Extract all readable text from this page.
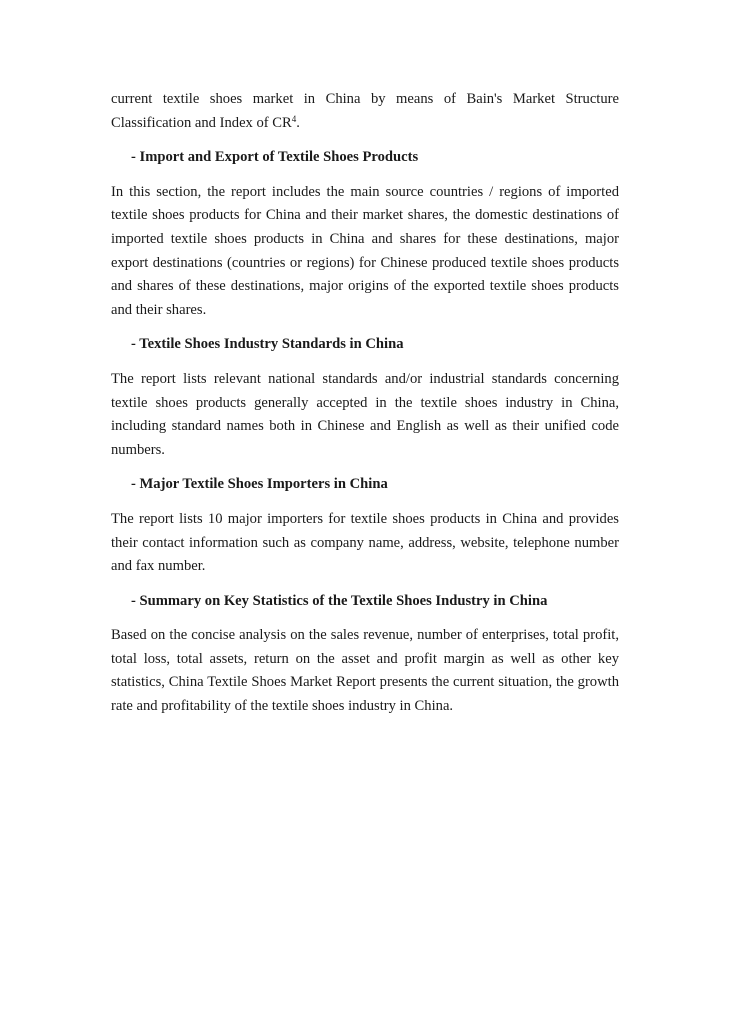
current textile shoes market in China by means of Bain's Market Structure Classification and Index of $CR^4$.

- Import and Export of Textile Shoes Products

In this section, the report includes the main source countries / regions of imported textile shoes products for China and their market shares, the domestic destinations of imported textile shoes products in China and shares for these destinations, major export destinations (countries or regions) for Chinese produced textile shoes products and shares of these destinations, major origins of the exported textile shoes products and their shares.

- Textile Shoes Industry Standards in China

The report lists relevant national standards and/or industrial standards concerning textile shoes products generally accepted in the textile shoes industry in China, including standard names both in Chinese and English as well as their unified code numbers.

- Major Textile Shoes Importers in China

The report lists 10 major importers for textile shoes products in China and provides their contact information such as company name, address, website, telephone number and fax number.

- Summary on Key Statistics of the Textile Shoes Industry in China

Based on the concise analysis on the sales revenue, number of enterprises, total profit, total loss, total assets, return on the asset and profit margin as well as other key statistics, China Textile Shoes Market Report presents the current situation, the growth rate and profitability of the textile shoes industry in China.
